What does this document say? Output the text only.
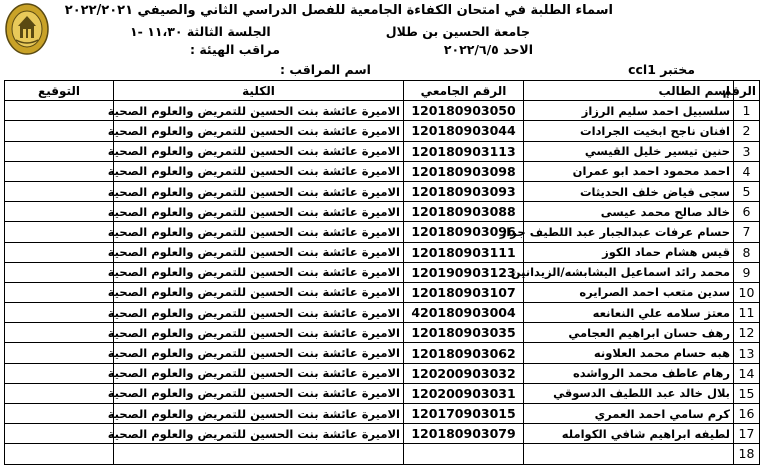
اسماء الطلبة في امتحان الكفاءة الجامعية للفصل الدراسي الثاني والصيفي ٢٠٢٢/٢٠٢١
جامعة الحسين بن طلال
الجلسة الثالثة ١١،٣٠ -١
الاحد ٢٠٢٢/٦/٥
مراقب الهيئة :
مختبر ccl1
اسم المراقب :
الرقم	إسم الطالب	الرقم الجامعي	الكلية	التوقيع
1	سلسبيل احمد سليم الرزاز	120180903050	الاميرة عائشة بنت الحسين للتمريض والعلوم الصحية	
2	افنان ناجح ابخيت الجرادات	120180903044	الاميرة عائشة بنت الحسين للتمريض والعلوم الصحية	
3	حنين تيسير خليل القيسي	120180903113	الاميرة عائشة بنت الحسين للتمريض والعلوم الصحية	
4	احمد محمود احمد ابو عمران	120180903098	الاميرة عائشة بنت الحسين للتمريض والعلوم الصحية	
5	سجى فياض خلف الحديثات	120180903093	الاميرة عائشة بنت الحسين للتمريض والعلوم الصحية	
6	خالد صالح محمد عيسى	120180903088	الاميرة عائشة بنت الحسين للتمريض والعلوم الصحية	
7	حسام عرفات عبدالجبار عبد اللطيف جرار	120180903096	الاميرة عائشة بنت الحسين للتمريض والعلوم الصحية	
8	قيس هشام حماد الكوز	120180903111	الاميرة عائشة بنت الحسين للتمريض والعلوم الصحية	
9	محمد رائد اسماعيل البشابشه/الزيدانين	120190903123	الاميرة عائشة بنت الحسين للتمريض والعلوم الصحية	
10	سدين متعب احمد الصرايره	120180903107	الاميرة عائشة بنت الحسين للتمريض والعلوم الصحية	
11	معتز سلامه علي النعانعه	420180903004	الاميرة عائشة بنت الحسين للتمريض والعلوم الصحية	
12	رهف حسان ابراهيم العجامي	120180903035	الاميرة عائشة بنت الحسين للتمريض والعلوم الصحية	
13	هبه حسام محمد العلاونه	120180903062	الاميرة عائشة بنت الحسين للتمريض والعلوم الصحية	
14	رهام عاطف محمد الرواشده	120200903032	الاميرة عائشة بنت الحسين للتمريض والعلوم الصحية	
15	بلال خالد عبد اللطيف الدسوقي	120200903031	الاميرة عائشة بنت الحسين للتمريض والعلوم الصحية	
16	كرم سامي احمد العمري	120170903015	الاميرة عائشة بنت الحسين للتمريض والعلوم الصحية	
17	لطيفه ابراهيم شافي الكوامله	120180903079	الاميرة عائشة بنت الحسين للتمريض والعلوم الصحية	
18				
